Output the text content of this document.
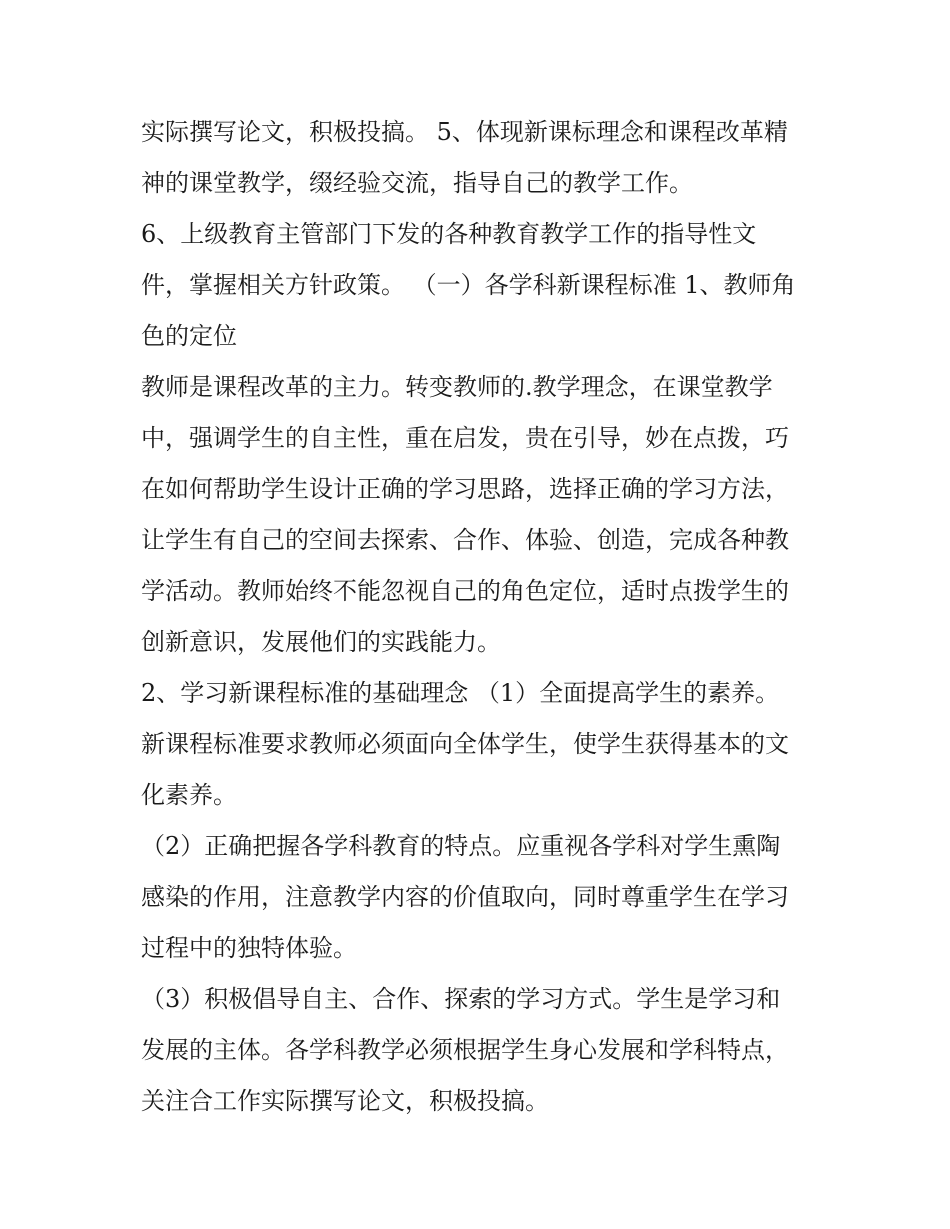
实际撰写论文，积极投搞。 5、体现新课标理念和课程改革精
神的课堂教学，缀经验交流，指导自己的教学工作。
6、上级教育主管部门下发的各种教育教学工作的指导性文
件，掌握相关方针政策。 （一）各学科新课程标准 1、教师角
色的定位
教师是课程改革的主力。转变教师的.教学理念，在课堂教学
中，强调学生的自主性，重在启发，贵在引导，妙在点拨，巧
在如何帮助学生设计正确的学习思路，选择正确的学习方法，
让学生有自己的空间去探索、合作、体验、创造，完成各种教
学活动。教师始终不能忽视自己的角色定位，适时点拨学生的
创新意识，发展他们的实践能力。
2、学习新课程标准的基础理念 （1）全面提高学生的素养。
新课程标准要求教师必须面向全体学生，使学生获得基本的文
化素养。
（2）正确把握各学科教育的特点。应重视各学科对学生熏陶
感染的作用，注意教学内容的价值取向，同时尊重学生在学习
过程中的独特体验。
（3）积极倡导自主、合作、探索的学习方式。学生是学习和
发展的主体。各学科教学必须根据学生身心发展和学科特点，
关注合工作实际撰写论文，积极投搞。
